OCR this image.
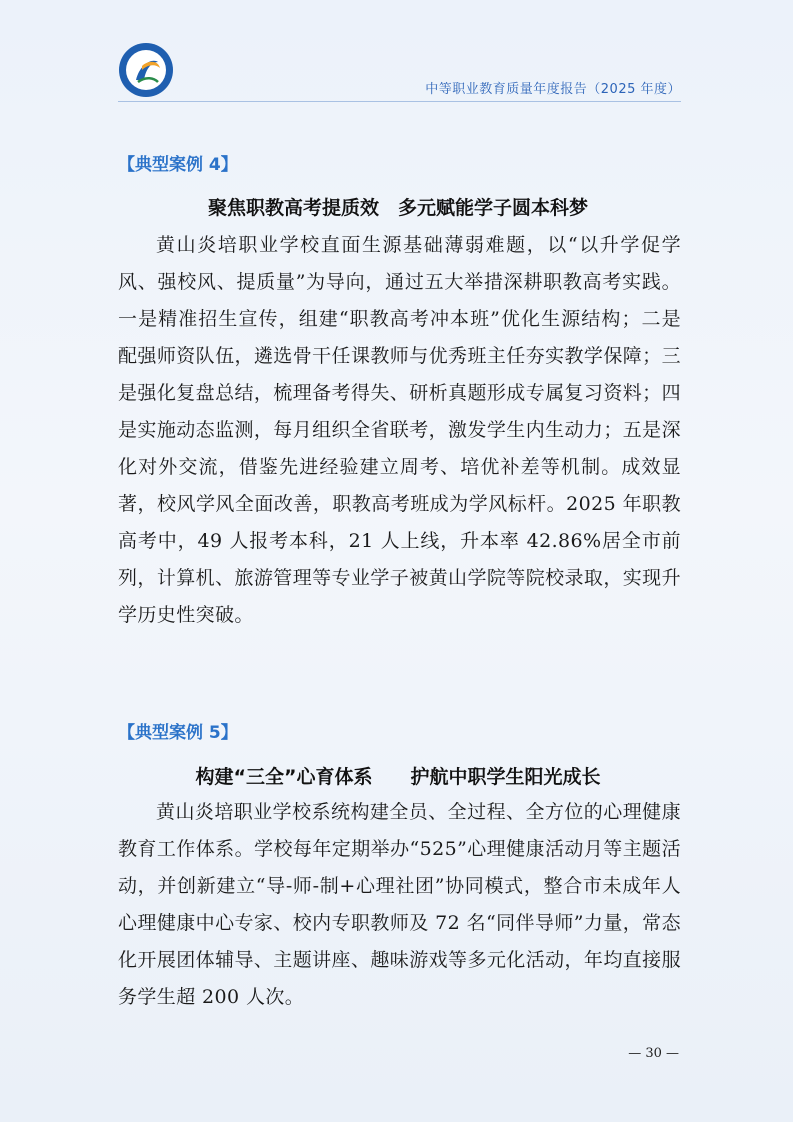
中等职业教育质量年度报告（2025 年度）
【典型案例 4】
聚焦职教高考提质效　多元赋能学子圆本科梦

黄山炎培职业学校直面生源基础薄弱难题，以“以升学促学风、强校风、提质量”为导向，通过五大举措深耕职教高考实践。一是精准招生宣传，组建“职教高考冲本班”优化生源结构；二是配强师资队伍，遴选骨干任课教师与优秀班主任夯实教学保障；三是强化复盘总结，梳理备考得失、研析真题形成专属复习资料；四是实施动态监测，每月组织全省联考，激发学生内生动力；五是深化对外交流，借鉴先进经验建立周考、培优补差等机制。成效显著，校风学风全面改善，职教高考班成为学风标杆。2025 年职教高考中，49 人报考本科，21 人上线，升本率 42.86%居全市前列，计算机、旅游管理等专业学子被黄山学院等院校录取，实现升学历史性突破。

【典型案例 5】
构建“三全”心育体系　　护航中职学生阳光成长

黄山炎培职业学校系统构建全员、全过程、全方位的心理健康教育工作体系。学校每年定期举办“525”心理健康活动月等主题活动，并创新建立“导-师-制+心理社团”协同模式，整合市未成年人心理健康中心专家、校内专职教师及 72 名“同伴导师”力量，常态化开展团体辅导、主题讲座、趣味游戏等多元化活动，年均直接服务学生超 200 人次。

— 30 —
